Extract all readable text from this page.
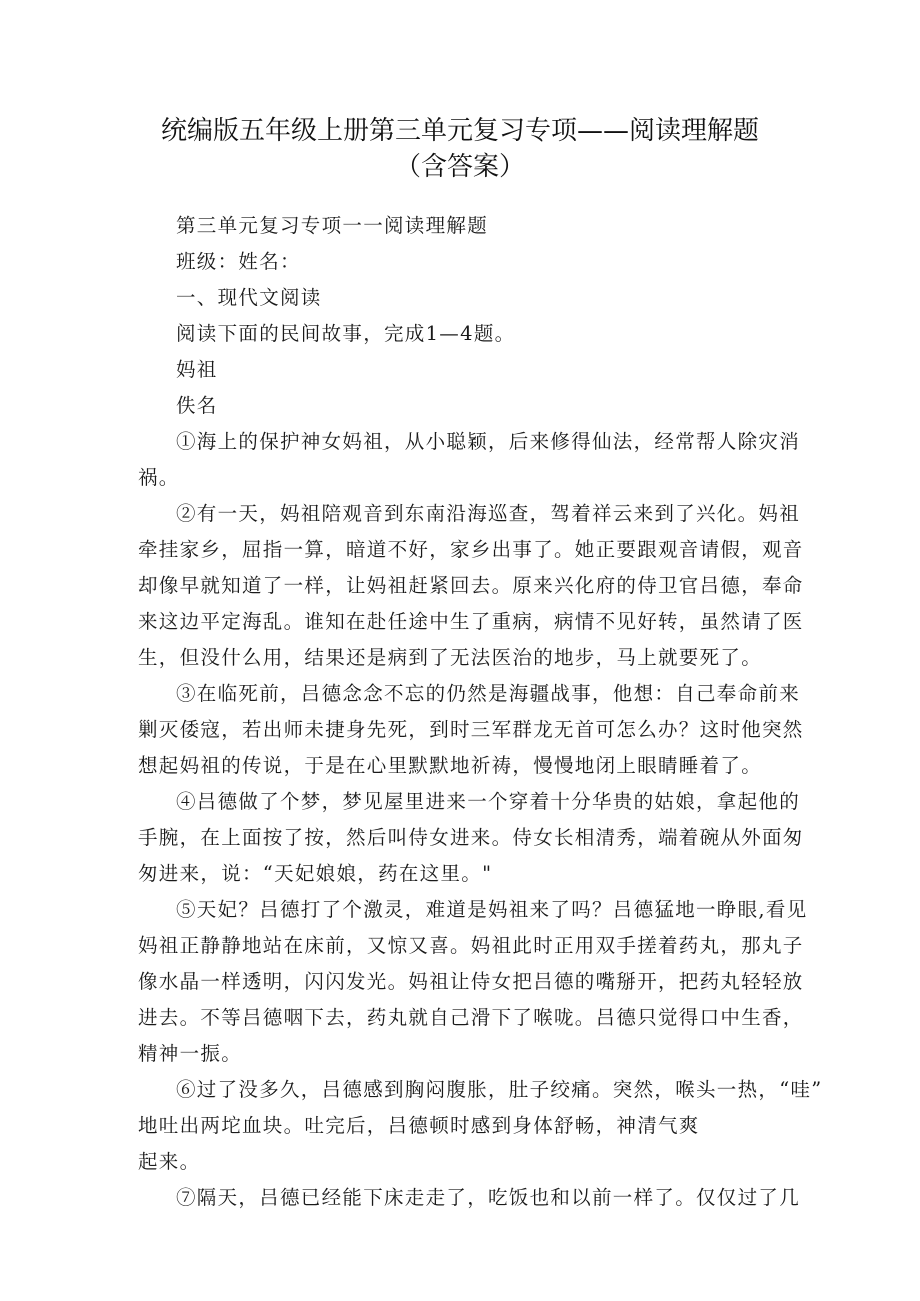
统编版五年级上册第三单元复习专项——阅读理解题
（含答案）
第三单元复习专项一一阅读理解题
班级：姓名：
一、现代文阅读
阅读下面的民间故事，完成1—4题。
妈祖
佚名
①海上的保护神女妈祖，从小聪颖，后来修得仙法，经常帮人除灾消
祸。
②有一天，妈祖陪观音到东南沿海巡查，驾着祥云来到了兴化。妈祖
牵挂家乡，屈指一算，暗道不好，家乡出事了。她正要跟观音请假，观音
却像早就知道了一样，让妈祖赶紧回去。原来兴化府的侍卫官吕德，奉命
来这边平定海乱。谁知在赴任途中生了重病，病情不见好转，虽然请了医
生，但没什么用，结果还是病到了无法医治的地步，马上就要死了。
③在临死前，吕德念念不忘的仍然是海疆战事，他想：自己奉命前来
剿灭倭寇，若出师未捷身先死，到时三军群龙无首可怎么办？这时他突然
想起妈祖的传说，于是在心里默默地祈祷，慢慢地闭上眼睛睡着了。
④吕德做了个梦，梦见屋里进来一个穿着十分华贵的姑娘，拿起他的
手腕，在上面按了按，然后叫侍女进来。侍女长相清秀，端着碗从外面匆
匆进来，说：“天妃娘娘，药在这里。"
⑤天妃？吕德打了个激灵，难道是妈祖来了吗？吕德猛地一睁眼,看见
妈祖正静静地站在床前，又惊又喜。妈祖此时正用双手搓着药丸，那丸子
像水晶一样透明，闪闪发光。妈祖让侍女把吕德的嘴掰开，把药丸轻轻放
进去。不等吕德咽下去，药丸就自己滑下了喉咙。吕德只觉得口中生香，
精神一振。
⑥过了没多久，吕德感到胸闷腹胀，肚子绞痛。突然，喉头一热，“哇”
地吐出两坨血块。吐完后，吕德顿时感到身体舒畅，神清气爽
起来。
⑦隔天，吕德已经能下床走走了，吃饭也和以前一样了。仅仅过了几
